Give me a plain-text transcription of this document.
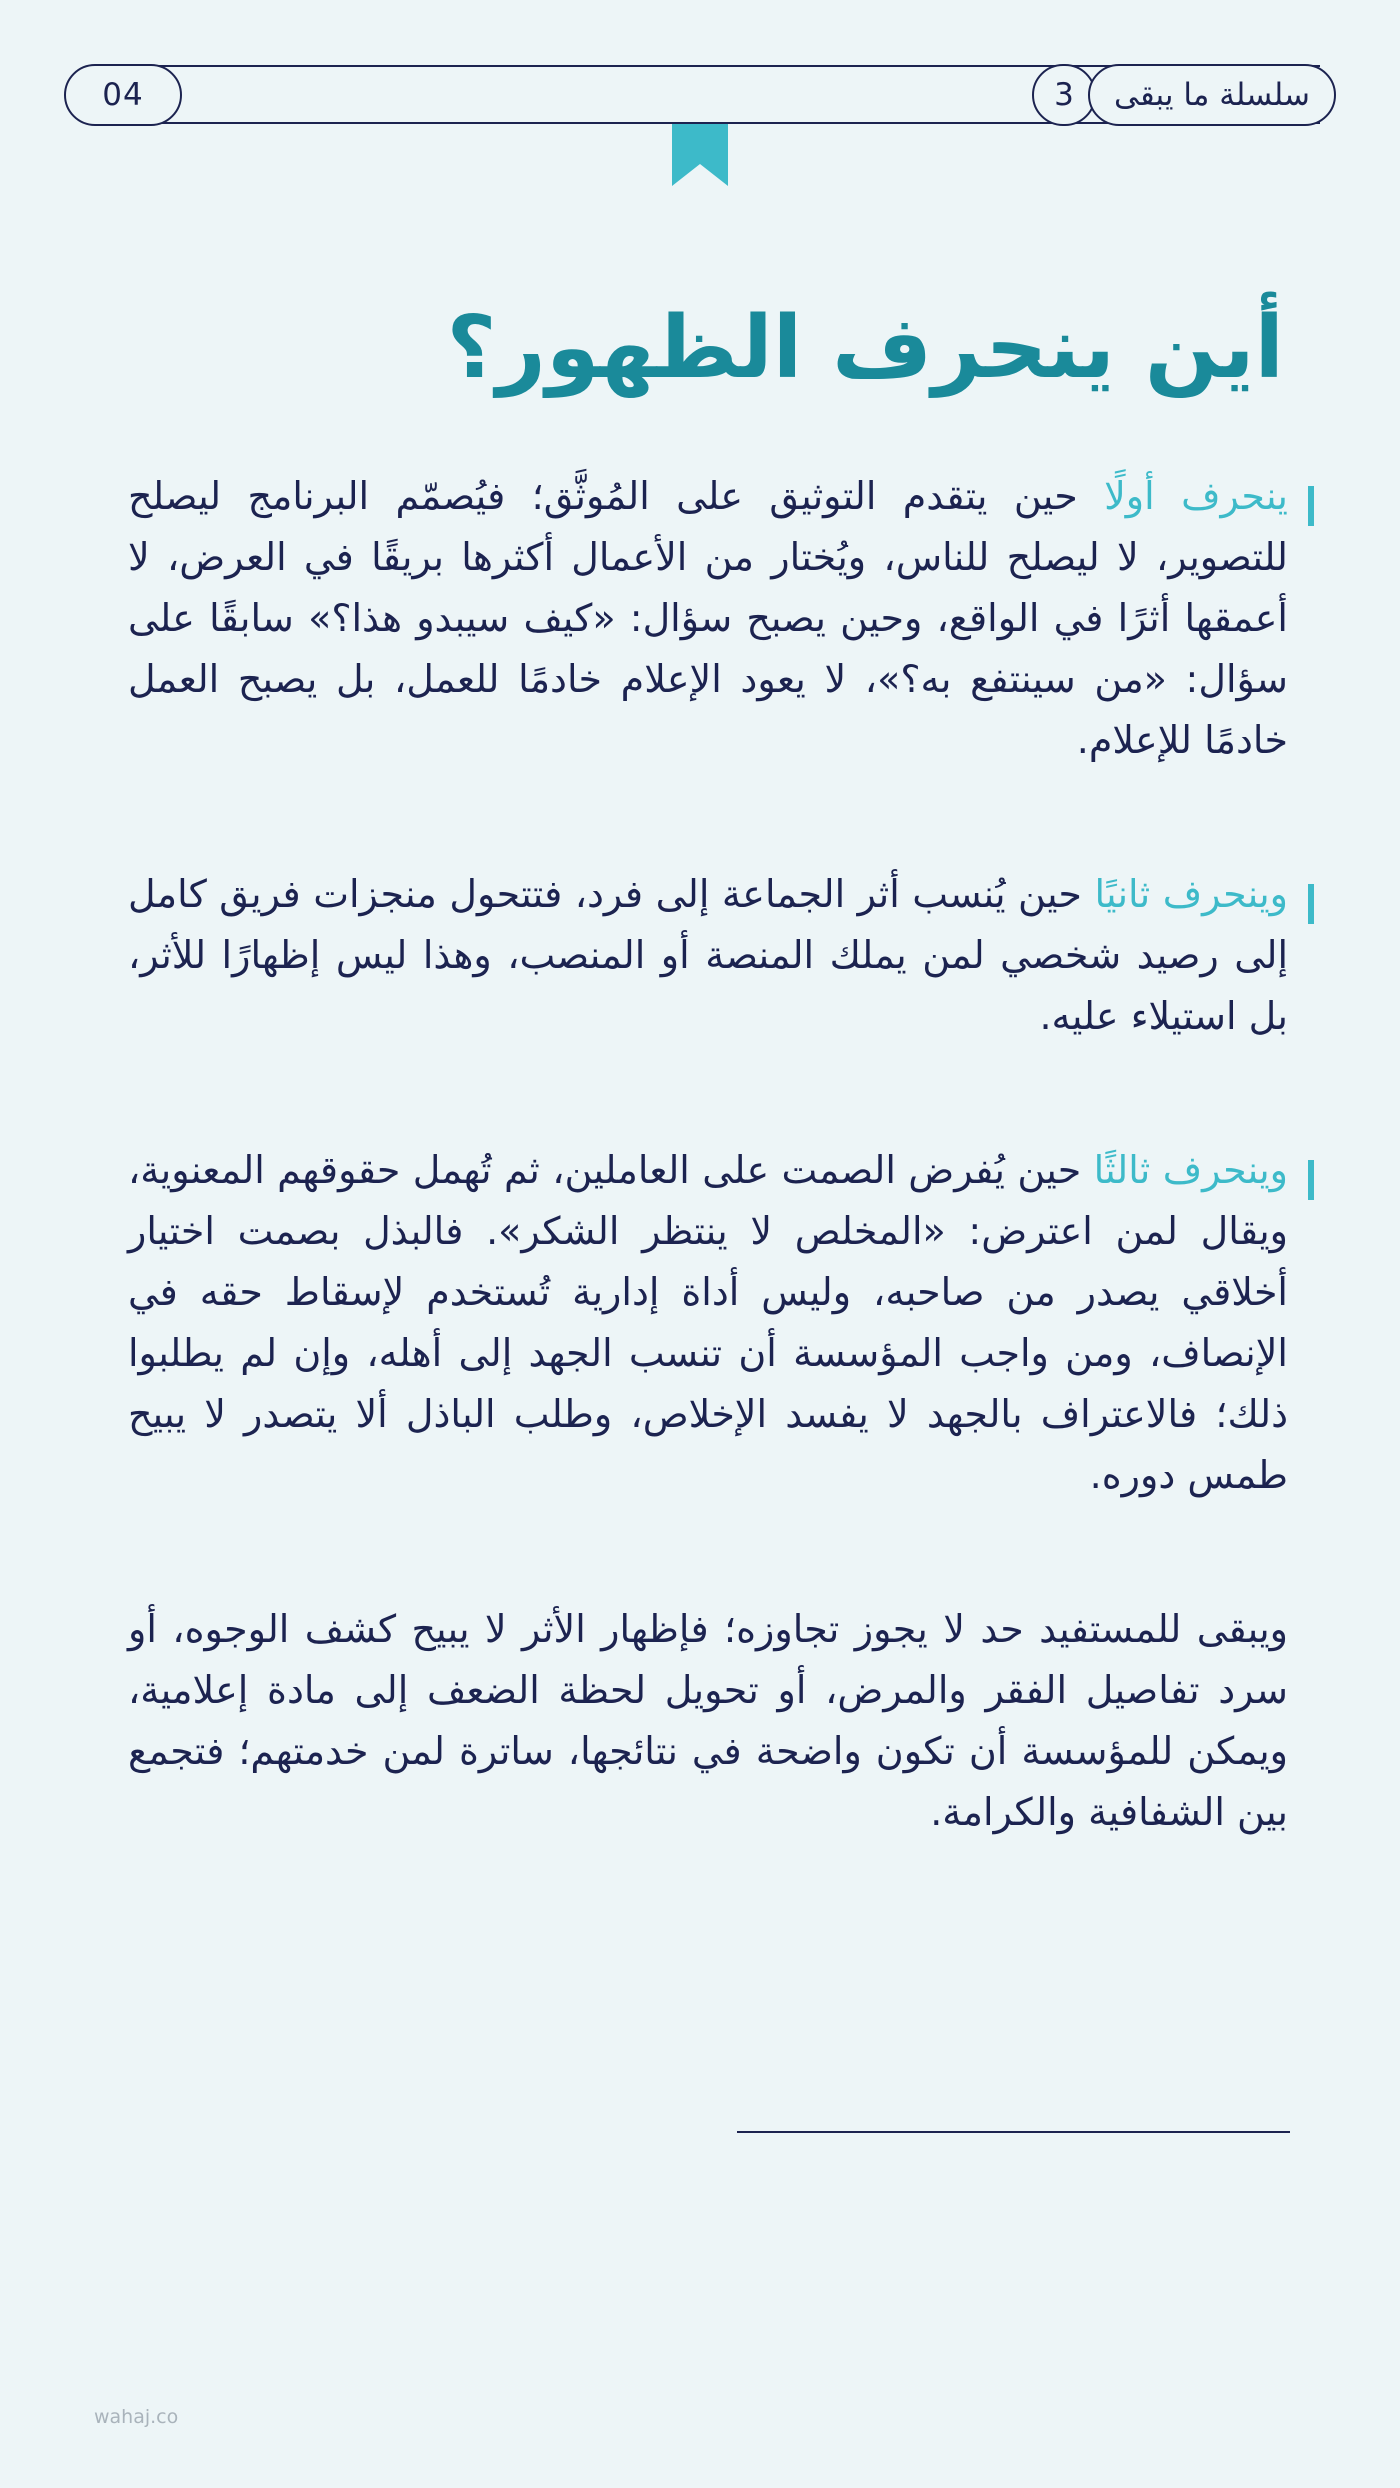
04	3	سلسلة ما يبقى
أين ينحرف الظهور؟

ينحرف أولًا حين يتقدم التوثيق على المُوثَّق؛ فيُصمّم البرنامج ليصلح للتصوير، لا ليصلح للناس، ويُختار من الأعمال أكثرها بريقًا في العرض، لا أعمقها أثرًا في الواقع، وحين يصبح سؤال: «كيف سيبدو هذا؟» سابقًا على سؤال: «من سينتفع به؟»، لا يعود الإعلام خادمًا للعمل، بل يصبح العمل خادمًا للإعلام.

وينحرف ثانيًا حين يُنسب أثر الجماعة إلى فرد، فتتحول منجزات فريق كامل إلى رصيد شخصي لمن يملك المنصة أو المنصب، وهذا ليس إظهارًا للأثر، بل استيلاء عليه.

وينحرف ثالثًا حين يُفرض الصمت على العاملين، ثم تُهمل حقوقهم المعنوية، ويقال لمن اعترض: «المخلص لا ينتظر الشكر». فالبذل بصمت اختيار أخلاقي يصدر من صاحبه، وليس أداة إدارية تُستخدم لإسقاط حقه في الإنصاف، ومن واجب المؤسسة أن تنسب الجهد إلى أهله، وإن لم يطلبوا ذلك؛ فالاعتراف بالجهد لا يفسد الإخلاص، وطلب الباذل ألا يتصدر لا يبيح طمس دوره.

ويبقى للمستفيد حد لا يجوز تجاوزه؛ فإظهار الأثر لا يبيح كشف الوجوه، أو سرد تفاصيل الفقر والمرض، أو تحويل لحظة الضعف إلى مادة إعلامية، ويمكن للمؤسسة أن تكون واضحة في نتائجها، ساترة لمن خدمتهم؛ فتجمع بين الشفافية والكرامة.

wahaj.co
